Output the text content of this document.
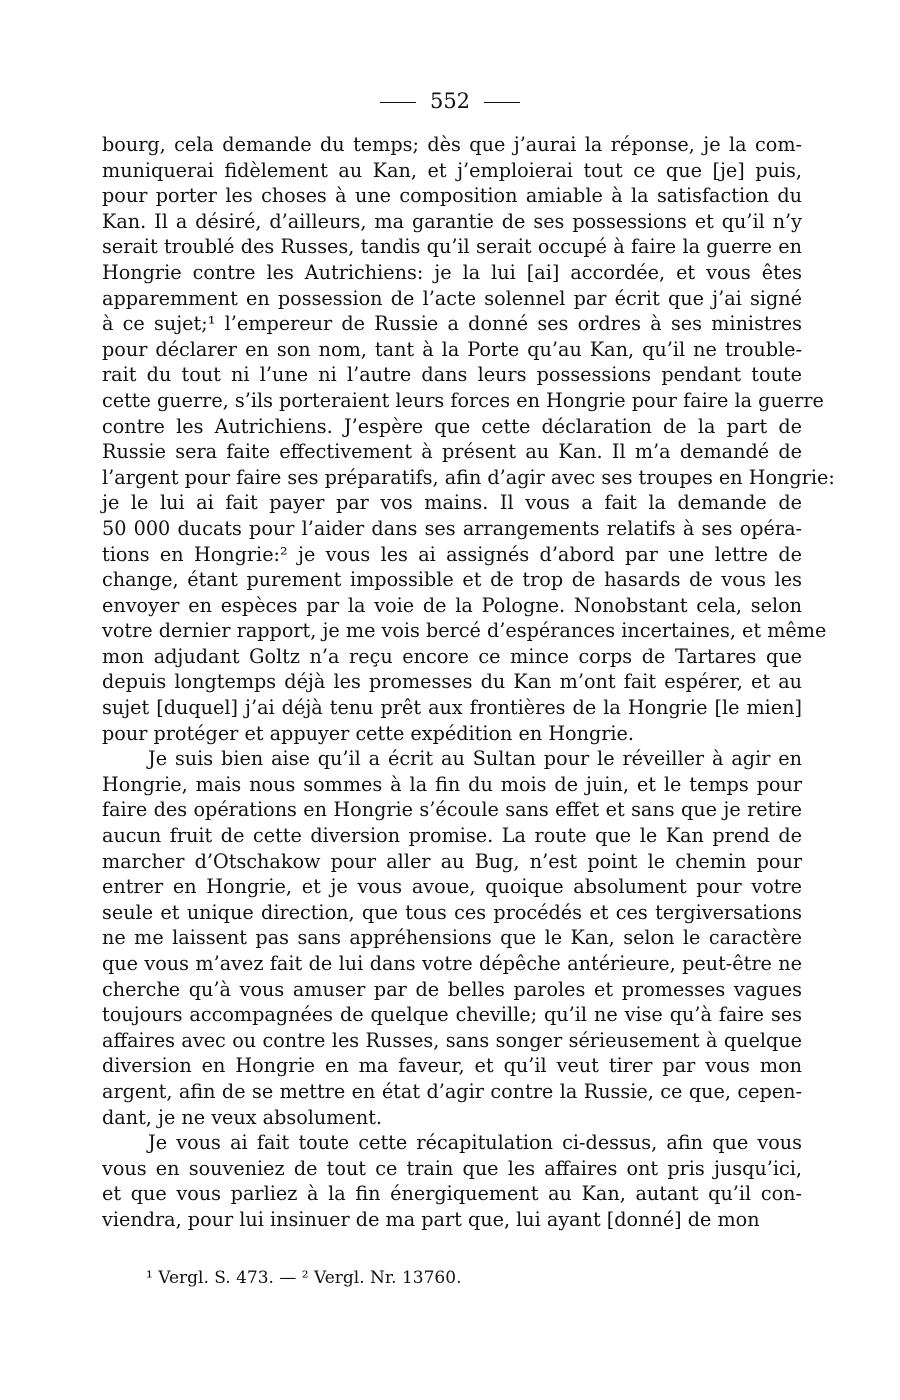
552
bourg, cela demande du temps; dès que j’aurai la réponse, je la com-
muniquerai fidèlement au Kan, et j’emploierai tout ce que [je] puis,
pour porter les choses à une composition amiable à la satisfaction du
Kan. Il a désiré, d’ailleurs, ma garantie de ses possessions et qu’il n’y
serait troublé des Russes, tandis qu’il serait occupé à faire la guerre en
Hongrie contre les Autrichiens: je la lui [ai] accordée, et vous êtes
apparemment en possession de l’acte solennel par écrit que j’ai signé
à ce sujet;¹ l’empereur de Russie a donné ses ordres à ses ministres
pour déclarer en son nom, tant à la Porte qu’au Kan, qu’il ne trouble-
rait du tout ni l’une ni l’autre dans leurs possessions pendant toute
cette guerre, s’ils porteraient leurs forces en Hongrie pour faire la guerre
contre les Autrichiens. J’espère que cette déclaration de la part de
Russie sera faite effectivement à présent au Kan. Il m’a demandé de
l’argent pour faire ses préparatifs, afin d’agir avec ses troupes en Hongrie:
je le lui ai fait payer par vos mains. Il vous a fait la demande de
50 000 ducats pour l’aider dans ses arrangements relatifs à ses opéra-
tions en Hongrie:² je vous les ai assignés d’abord par une lettre de
change, étant purement impossible et de trop de hasards de vous les
envoyer en espèces par la voie de la Pologne. Nonobstant cela, selon
votre dernier rapport, je me vois bercé d’espérances incertaines, et même
mon adjudant Goltz n’a reçu encore ce mince corps de Tartares que
depuis longtemps déjà les promesses du Kan m’ont fait espérer, et au
sujet [duquel] j’ai déjà tenu prêt aux frontières de la Hongrie [le mien]
pour protéger et appuyer cette expédition en Hongrie.
Je suis bien aise qu’il a écrit au Sultan pour le réveiller à agir en
Hongrie, mais nous sommes à la fin du mois de juin, et le temps pour
faire des opérations en Hongrie s’écoule sans effet et sans que je retire
aucun fruit de cette diversion promise. La route que le Kan prend de
marcher d’Otschakow pour aller au Bug, n’est point le chemin pour
entrer en Hongrie, et je vous avoue, quoique absolument pour votre
seule et unique direction, que tous ces procédés et ces tergiversations
ne me laissent pas sans appréhensions que le Kan, selon le caractère
que vous m’avez fait de lui dans votre dépêche antérieure, peut-être ne
cherche qu’à vous amuser par de belles paroles et promesses vagues
toujours accompagnées de quelque cheville; qu’il ne vise qu’à faire ses
affaires avec ou contre les Russes, sans songer sérieusement à quelque
diversion en Hongrie en ma faveur, et qu’il veut tirer par vous mon
argent, afin de se mettre en état d’agir contre la Russie, ce que, cepen-
dant, je ne veux absolument.
Je vous ai fait toute cette récapitulation ci-dessus, afin que vous
vous en souveniez de tout ce train que les affaires ont pris jusqu’ici,
et que vous parliez à la fin énergiquement au Kan, autant qu’il con-
viendra, pour lui insinuer de ma part que, lui ayant [donné] de mon
¹ Vergl. S. 473. — ² Vergl. Nr. 13760.
